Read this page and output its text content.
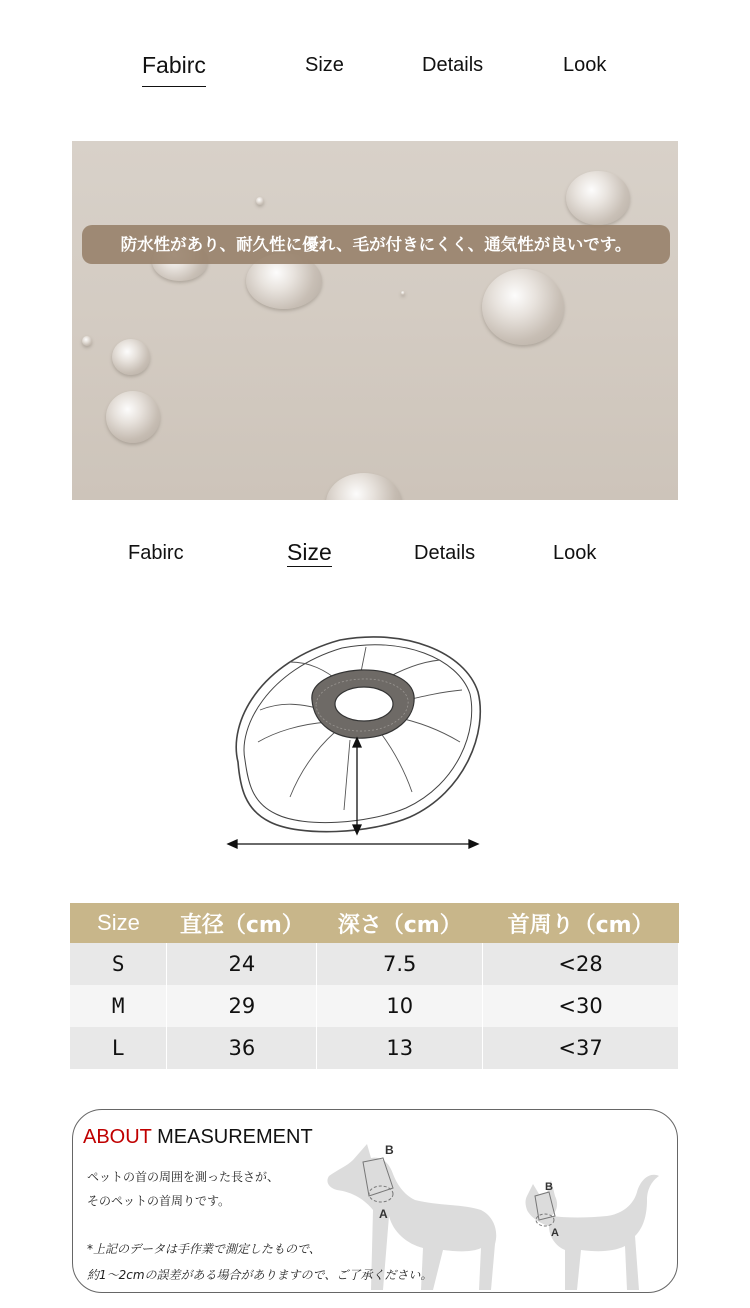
Fabirc	Size	Details	Look
防水性があり、耐久性に優れ、毛が付きにくく、通気性が良いです。
Fabirc	Size	Details	Look
Size	直径（cm）	深さ（cm）	首周り（cm）
S	24	7.5	<28
M	29	10	<30
L	36	13	<37
B
A
B
A
ABOUT MEASUREMENT
ペットの首の周囲を測った長さが、
そのペットの首周りです。
*上記のデータは手作業で測定したもので、
約1～2cmの誤差がある場合がありますので、ご了承ください。
